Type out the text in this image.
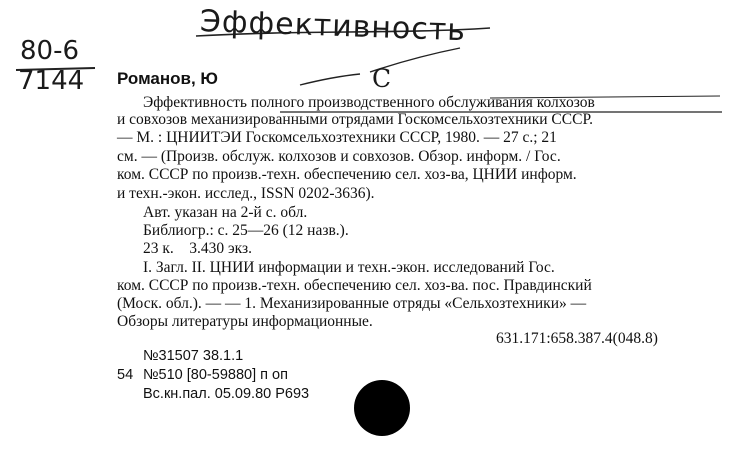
Эффективность
80-6
7144	С
Романов, Ю
Эффективность полного производственного обслуживания колхозов
и совхозов механизированными отрядами Госкомсельхозтехники СССР.
— М. : ЦНИИТЭИ Госкомсельхозтехники СССР, 1980. — 27 с.; 21
см. — (Произв. обслуж. колхозов и совхозов. Обзор. информ. / Гос.
ком. СССР по произв.-техн. обеспечению сел. хоз-ва, ЦНИИ информ.
и техн.-экон. исслед., ISSN 0202-3636).
Авт. указан на 2-й с. обл.
Библиогр.: с. 25—26 (12 назв.).
23 к.    3.430 экз.
I. Загл. II. ЦНИИ информации и техн.-экон. исследований Гос.
ком. СССР по произв.-техн. обеспечению сел. хоз-ва. пос. Правдинский
(Моск. обл.). — — 1. Механизированные отряды «Сельхозтехники» —
Обзоры литературы информационные.
631.171:658.387.4(048.8)
№31507 38.1.1
54 №510 [80-59880] п оп
Вс.кн.пал. 05.09.80 Р693
